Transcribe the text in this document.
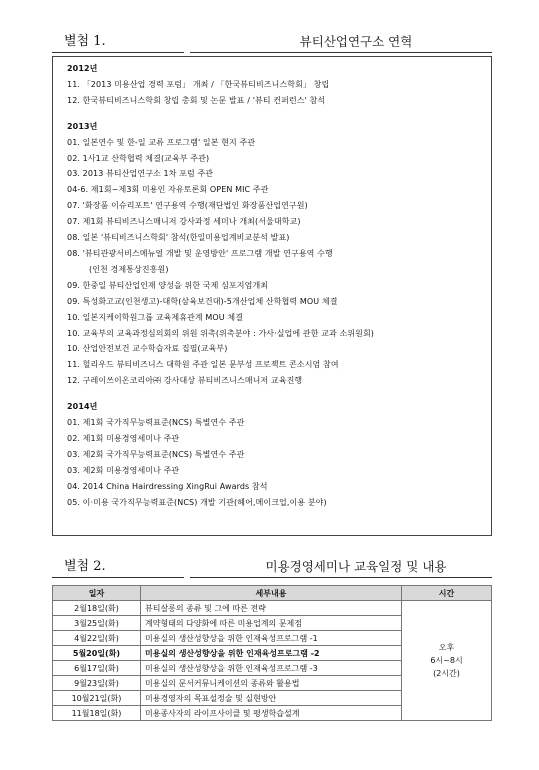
별첨 1.	뷰티산업연구소 연혁
2012년
11. 「2013 미용산업 경력 포럼」 개최 / 「한국뷰티비즈니스학회」 창립
12. 한국뷰티비즈니스학회 창립 총회 및 논문 발표 / '뷰티 컨퍼런스' 참석
2013년
01. 일본연수 및 한-일 교류 프로그램' 일본 현지 주관
02. 1사1교 산학협력 체결(교육부 주관)
03. 2013 뷰티산업연구소 1차 포럼 주관
04-6. 제1회~제3회 미용인 자유토론회 OPEN MIC 주관
07. '화장품 이슈리포트' 연구용역 수행(재단법인 화장품산업연구원)
07. 제1회 뷰티비즈니스매니저 강사과정 세미나 개최(서울대학교)
08. 일본 '뷰티비즈니스학회' 참석(한일미용업계비교분석 발표)
08. '뷰티관광서비스메뉴얼 개발 및 운영방안' 프로그램 개발 연구용역 수행
(인천 경제통상진흥원)
09. 한중일 뷰티산업인재 양성을 위한 국제 심포지엄개최
09. 특성화고교(인천생고)-대학(삼육보건대)-5개산업체 산학협력 MOU 체결
10. 일본지케이학원그룹 교육제휴관계 MOU 체결
10. 교육부의 교육과정심의회의 위원 위촉(위촉분야 : 가사·실업에 관한 교과 소위원회)
10. 산업안전보건 교수학습자료 집필(교육부)
11. 헐리우드 뷰티비즈니스 대학원 주관 일본 문부성 프로젝트 콘소시엄 참여
12. 구레이쓰이온코리아㈜ 강사대상 뷰티비즈니스매니저 교육진행
2014년
01. 제1회 국가직무능력표준(NCS) 특별연수 주관
02. 제1회 미용경영세미나 주관
03. 제2회 국가직무능력표준(NCS) 특별연수 주관
03. 제2회 미용경영세미나 주관
04. 2014 China Hairdressing XingRui Awards 참석
05. 이·미용 국가직무능력표준(NCS) 개발 기관(헤어,메이크업,이용 분야)
별첨 2.	미용경영세미나 교육일정 및 내용
일자	세부내용	시간
2월18일(화)	뷰티살롱의 종류 및 그에 따른 전략	오후
6시~8시
(2시간)

3월25일(화)	계약형태의 다양화에 따른 미용업계의 문제점	
4월22일(화)	미용실의 생산성향상을 위한 인재육성프로그램 -1	
5월20일(화)	미용실의 생산성향상을 위한 인재육성프로그램 -2	
6월17일(화)	미용실의 생산성향상을 위한 인재육성프로그램 -3	
9월23일(화)	미용실의 문서커뮤니케이션의 종류와 활용법	
10월21일(화)	미용경영자의 목표설정술 및 실현방안	
11월18일(화)	미용종사자의 라이프사이클 및 평생학습설계	
